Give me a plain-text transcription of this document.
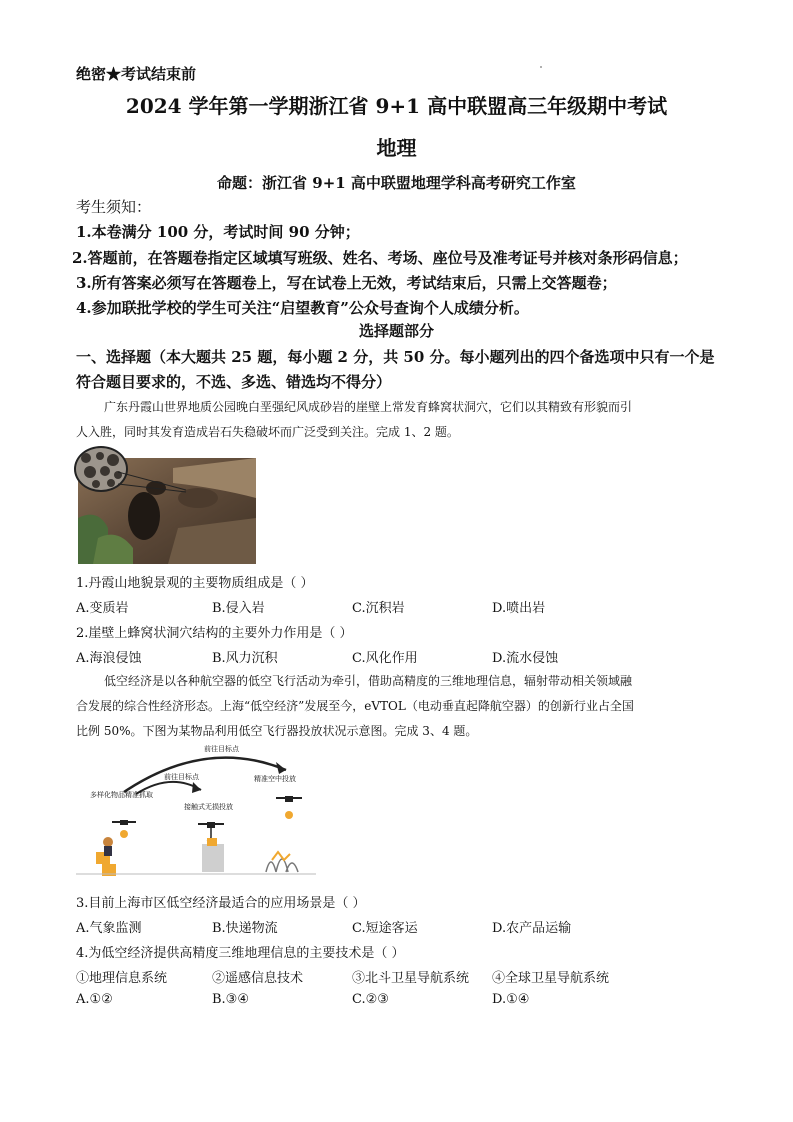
绝密★考试结束前
2024 学年第一学期浙江省 9+1 高中联盟高三年级期中考试
地理
命题：浙江省 9+1 高中联盟地理学科高考研究工作室
考生须知：
1.本卷满分 100 分，考试时间 90 分钟；
2.答题前，在答题卷指定区域填写班级、姓名、考场、座位号及准考证号并核对条形码信息；
3.所有答案必须写在答题卷上，写在试卷上无效，考试结束后，只需上交答题卷；
4.参加联批学校的学生可关注“启望教育”公众号查询个人成绩分析。
选择题部分
一、选择题（本大题共 25 题，每小题 2 分，共 50 分。每小题列出的四个备选项中只有一个是
符合题目要求的，不选、多选、错选均不得分）
广东丹霞山世界地质公园晚白垩强纪风成砂岩的崖壁上常发育蜂窝状洞穴，它们以其精致有形貌而引
人入胜，同时其发育造成岩石失稳破坏而广泛受到关注。完成 1、2 题。
1.丹霞山地貌景观的主要物质组成是（ ）
A.变质岩	B.侵入岩	C.沉积岩	D.喷出岩
2.崖壁上蜂窝状洞穴结构的主要外力作用是（ ）
A.海浪侵蚀	B.风力沉积	C.风化作用	D.流水侵蚀
低空经济是以各种航空器的低空飞行活动为牵引，借助高精度的三维地理信息，辐射带动相关领域融
合发展的综合性经济形态。上海“低空经济”发展至今，eVTOL（电动垂直起降航空器）的创新行业占全国
比例 50%。下图为某物品利用低空飞行器投放状况示意图。完成 3、4 题。
前往目标点
前往目标点
多样化物品精准抓取
接触式无损投放
精准空中投放
3.目前上海市区低空经济最适合的应用场景是（ ）
A.气象监测	B.快递物流	C.短途客运	D.农产品运输
4.为低空经济提供高精度三维地理信息的主要技术是（ ）
①地理信息系统	②遥感信息技术	③北斗卫星导航系统 ④全球卫星导航系统
A.①②	B.③④	C.②③	D.①④
